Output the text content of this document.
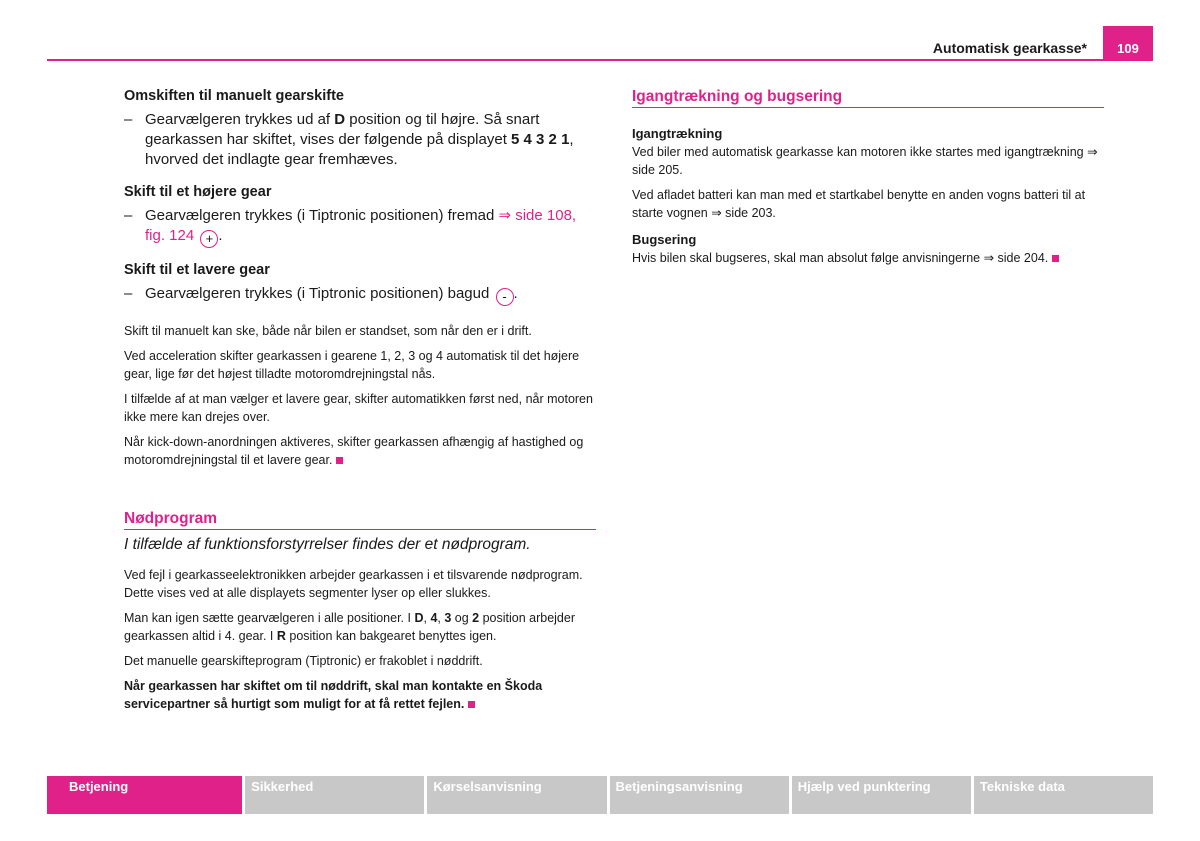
Automatisk gearkasse*	109
Omskiften til manuelt gearskifte
– Gearvælgeren trykkes ud af D position og til højre. Så snart gearkassen har skiftet, vises der følgende på displayet 5 4 3 2 1, hvorved det indlagte gear fremhæves.
Skift til et højere gear
– Gearvælgeren trykkes (i Tiptronic positionen) fremad ⇒ side 108, fig. 124 + .
Skift til et lavere gear
– Gearvælgeren trykkes (i Tiptronic positionen) bagud - .

Skift til manuelt kan ske, både når bilen er standset, som når den er i drift.

Ved acceleration skifter gearkassen i gearene 1, 2, 3 og 4 automatisk til det højere gear, lige før det højest tilladte motoromdrejningstal nås.

I tilfælde af at man vælger et lavere gear, skifter automatikken først ned, når motoren ikke mere kan drejes over.

Når kick-down-anordningen aktiveres, skifter gearkassen afhængig af hastighed og motoromdrejningstal til et lavere gear.

Nødprogram
I tilfælde af funktionsforstyrrelser findes der et nødprogram.

Ved fejl i gearkasseelektronikken arbejder gearkassen i et tilsvarende nødprogram. Dette vises ved at alle displayets segmenter lyser op eller slukkes.

Man kan igen sætte gearvælgeren i alle positioner. I D, 4, 3 og 2 position arbejder gearkassen altid i 4. gear. I R position kan bakgearet benyttes igen.

Det manuelle gearskifteprogram (Tiptronic) er frakoblet i nøddrift.

Når gearkassen har skiftet om til nøddrift, skal man kontakte en Škoda servicepartner så hurtigt som muligt for at få rettet fejlen.

Igangtrækning og bugsering
Igangtrækning

Ved biler med automatisk gearkasse kan motoren ikke startes med igangtrækning ⇒ side 205.

Ved afladet batteri kan man med et startkabel benytte en anden vogns batteri til at starte vognen ⇒ side 203.

Bugsering

Hvis bilen skal bugseres, skal man absolut følge anvisningerne ⇒ side 204.

Betjening	Sikkerhed	Kørselsanvisning	Betjeningsanvisning	Hjælp ved punktering	Tekniske data
